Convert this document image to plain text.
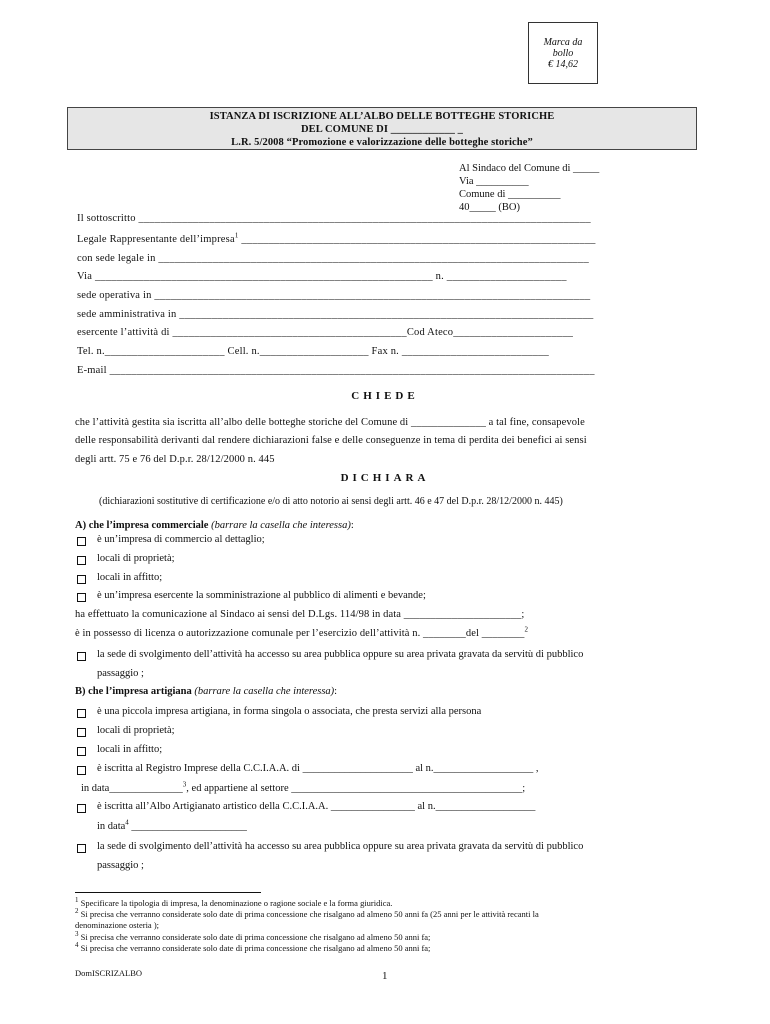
Marca da
bollo
€ 14,62
ISTANZA DI ISCRIZIONE ALL’ALBO DELLE BOTTEGHE STORICHE
DEL COMUNE DI ____________ _
L.R. 5/2008 “Promozione e valorizzazione delle botteghe storiche”
Al Sindaco del Comune di _____
Via __________
Comune di __________
40_____ (BO)
Il sottoscritto ___________________________________________________________________________________
Legale Rappresentante dell’impresa$^1$ _________________________________________________________________
con sede legale in _______________________________________________________________________________
Via ______________________________________________________________ n. ______________________
sede operativa in ________________________________________________________________________________
sede amministrativa in ____________________________________________________________________________
esercente l’attività di ___________________________________________Cod Ateco______________________
Tel. n.______________________ Cell. n.____________________ Fax n. ___________________________
E-mail _________________________________________________________________________________________
CHIEDE
che l’attività gestita sia iscritta all’albo delle botteghe storiche del Comune di ______________ a tal fine, consapevole
delle responsabilità derivanti dal rendere dichiarazioni false e delle conseguenze in tema di perdita dei benefici ai sensi
degli artt. 75 e 76 del D.p.r. 28/12/2000 n. 445
DICHIARA
(dichiarazioni sostitutive di certificazione e/o di atto notorio ai sensi degli artt. 46 e 47 del D.p.r. 28/12/2000 n. 445)
A) che l’impresa commerciale (barrare la casella che interessa):
è un’impresa di commercio al dettaglio;
locali di proprietà;
locali in affitto;
è un’impresa esercente la somministrazione al pubblico di alimenti e bevande;
ha effettuato la comunicazione al Sindaco ai sensi del D.Lgs. 114/98 in data ______________________;
è in possesso di licenza o autorizzazione comunale per l’esercizio dell’attività n. ________del ________$^2$
la sede di svolgimento dell’attività ha accesso su area pubblica oppure su area privata gravata da servitù di pubblico
passaggio ;
B) che l’impresa artigiana (barrare la casella che interessa):
è una piccola impresa artigiana, in forma singola o associata, che presta servizi alla persona
locali di proprietà;
locali in affitto;
è iscritta al Registro Imprese della C.C.I.A.A. di _____________________ al n.___________________ ,
in data______________$^3$, ed appartiene al settore ____________________________________________;
è iscritta all’Albo Artigianato artistico della C.C.I.A.A. ________________ al n.___________________
in data$^4$ ______________________
la sede di svolgimento dell’attività ha accesso su area pubblica oppure su area privata gravata da servitù di pubblico
passaggio ;
$^1$ Specificare la tipologia di impresa, la denominazione o ragione sociale e la forma giuridica.
$^2$ Si precisa che verranno considerate solo date di prima concessione che risalgano ad almeno 50 anni fa (25 anni per le attività recanti la
denominazione osteria );
$^3$ Si precisa che verranno considerate solo date di prima concessione che risalgano ad almeno 50 anni fa;
$^4$ Si precisa che verranno considerate solo date di prima concessione che risalgano ad almeno 50 anni fa;
DomISCRIZALBO	1
